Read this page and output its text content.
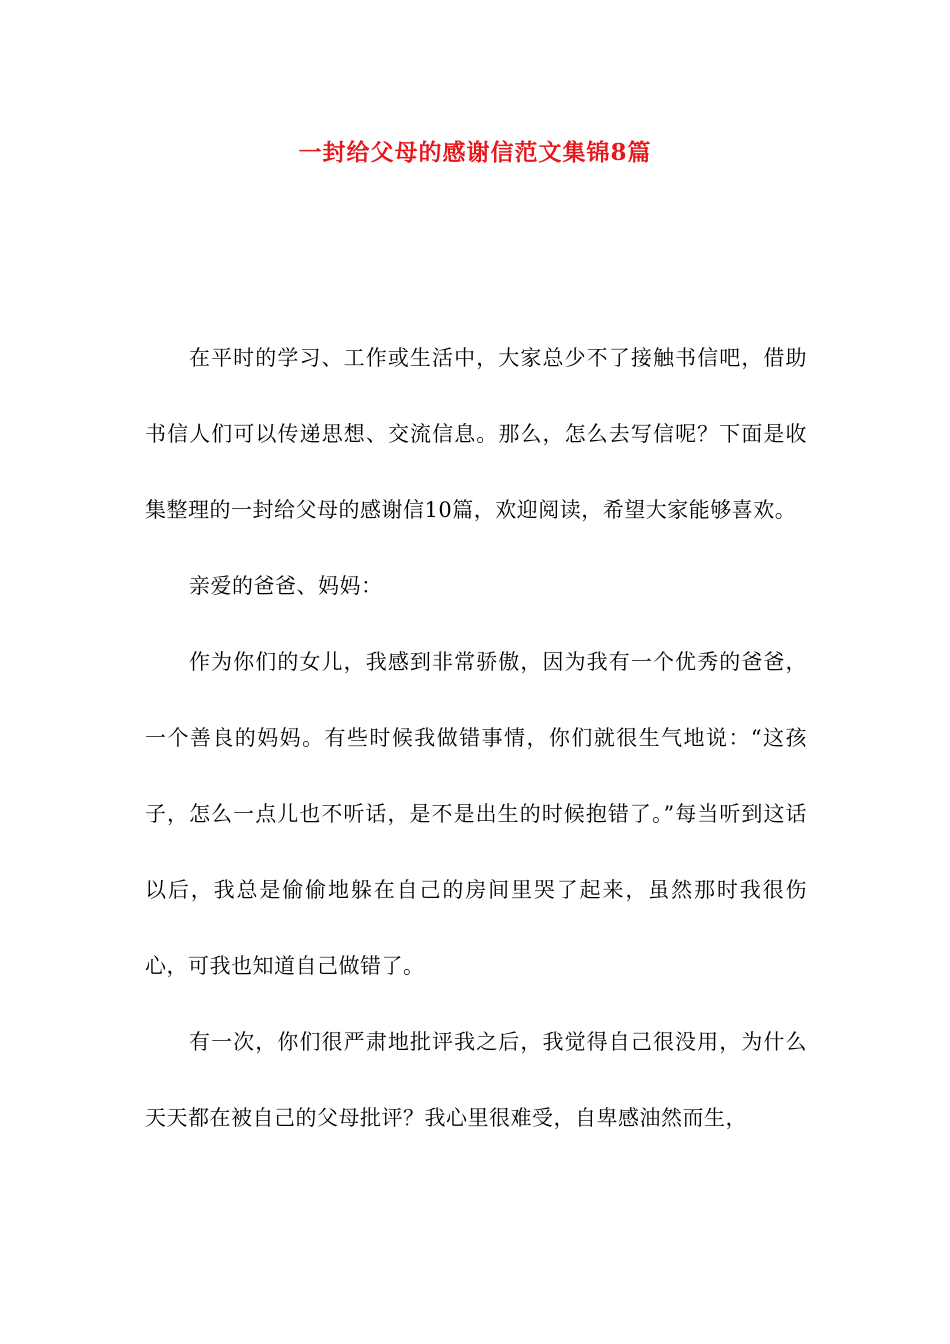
一封给父母的感谢信范文集锦8篇

在平时的学习、工作或生活中，大家总少不了接触书信吧，借助书信人们可以传递思想、交流信息。那么，怎么去写信呢？下面是收集整理的一封给父母的感谢信10篇，欢迎阅读，希望大家能够喜欢。

亲爱的爸爸、妈妈：

作为你们的女儿，我感到非常骄傲，因为我有一个优秀的爸爸，一个善良的妈妈。有些时候我做错事情，你们就很生气地说：“这孩子，怎么一点儿也不听话，是不是出生的时候抱错了。”每当听到这话以后，我总是偷偷地躲在自己的房间里哭了起来，虽然那时我很伤心，可我也知道自己做错了。

有一次，你们很严肃地批评我之后，我觉得自己很没用，为什么天天都在被自己的父母批评？我心里很难受，自卑感油然而生，
